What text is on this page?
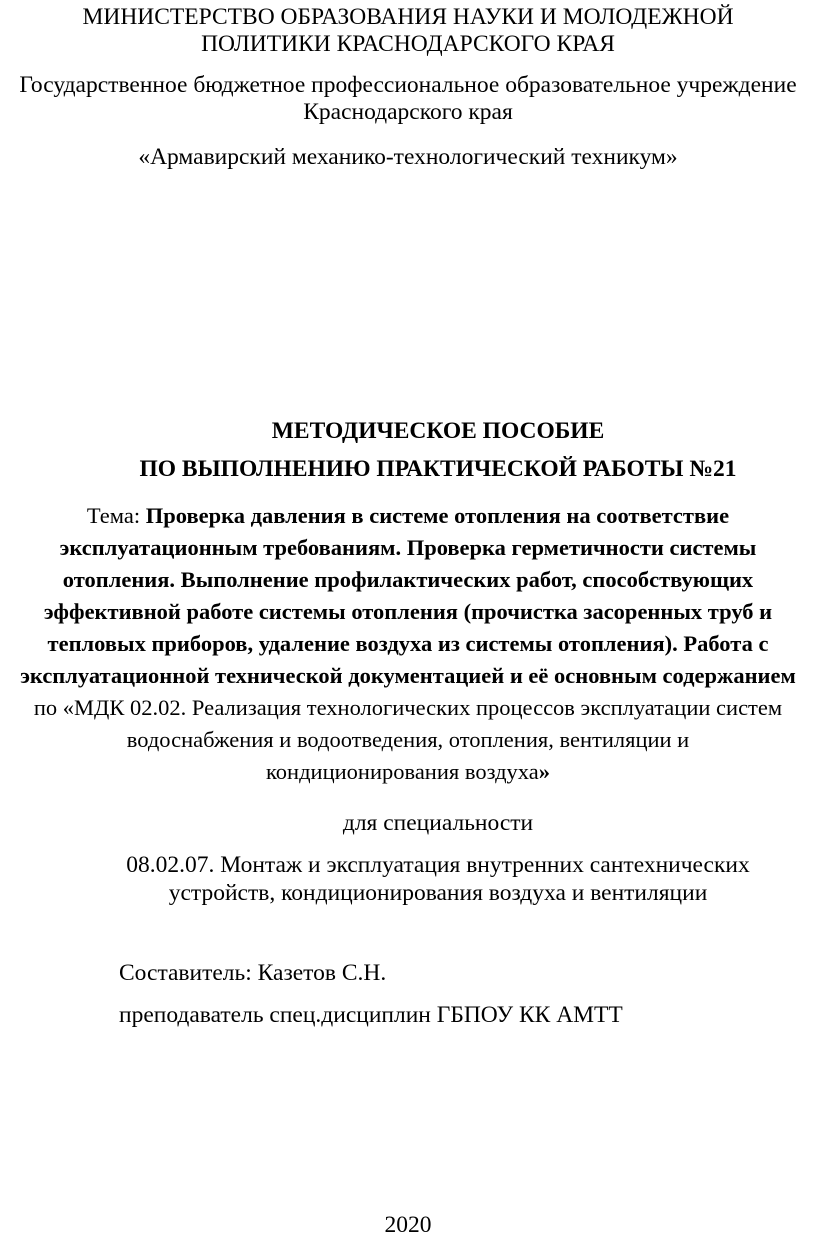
МИНИСТЕРСТВО ОБРАЗОВАНИЯ НАУКИ И МОЛОДЕЖНОЙ
ПОЛИТИКИ КРАСНОДАРСКОГО КРАЯ
Государственное бюджетное профессиональное образовательное учреждение
Краснодарского края
«Армавирский механико-технологический техникум»
МЕТОДИЧЕСКОЕ ПОСОБИЕ
ПО ВЫПОЛНЕНИЮ ПРАКТИЧЕСКОЙ РАБОТЫ №21
Тема: Проверка давления в системе отопления на соответствие
эксплуатационным требованиям. Проверка герметичности системы
отопления. Выполнение профилактических работ, способствующих
эффективной работе системы отопления (прочистка засоренных труб и
тепловых приборов, удаление воздуха из системы отопления). Работа с
эксплуатационной технической документацией и её основным содержанием
по «МДК 02.02. Реализация технологических процессов эксплуатации систем
водоснабжения и водоотведения, отопления, вентиляции и
кондиционирования воздуха»
для специальности
08.02.07. Монтаж и эксплуатация внутренних сантехнических
устройств, кондиционирования воздуха и вентиляции
Составитель: Казетов С.Н.
преподаватель спец.дисциплин ГБПОУ КК АМТТ
2020
